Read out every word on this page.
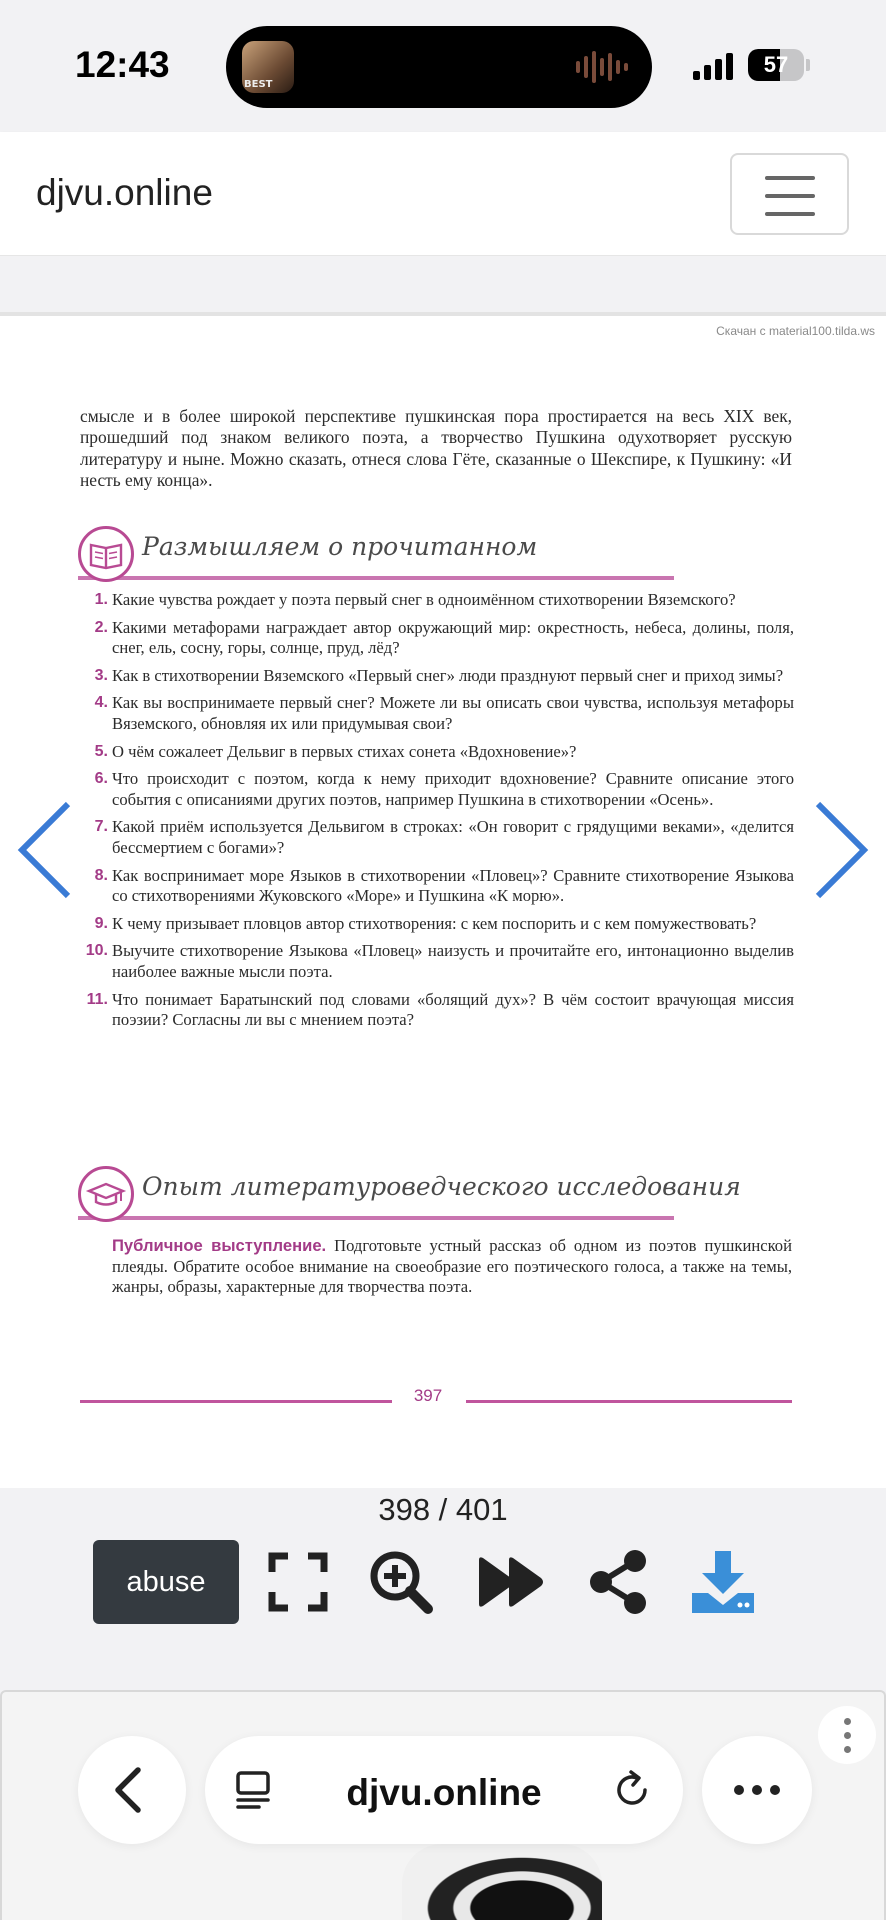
12:43	BEST
57
djvu.online
Скачан с material100.tilda.ws
смысле и в более широкой перспективе пушкинская пора простирается на весь XIX век, прошедший под знаком великого поэта, а творчество Пушкина одухотворяет русскую литературу и ныне. Можно сказать, отнеся слова Гёте, сказанные о Шекспире, к Пушкину: «И несть ему конца».
Размышляем о прочитанном
1. Какие чувства рождает у поэта первый снег в одноимённом стихотворении Вяземского?
2. Какими метафорами награждает автор окружающий мир: окрестность, небеса, долины, поля, снег, ель, сосну, горы, солнце, пруд, лёд?
3. Как в стихотворении Вяземского «Первый снег» люди празднуют первый снег и приход зимы?
4. Как вы воспринимаете первый снег? Можете ли вы описать свои чувства, используя метафоры Вяземского, обновляя их или придумывая свои?
5. О чём сожалеет Дельвиг в первых стихах сонета «Вдохновение»?
6. Что происходит с поэтом, когда к нему приходит вдохновение? Сравните описание этого события с описаниями других поэтов, например Пушкина в стихотворении «Осень».
7. Какой приём используется Дельвигом в строках: «Он говорит с грядущими веками», «делится бессмертием с богами»?
8. Как воспринимает море Языков в стихотворении «Пловец»? Сравните стихотворение Языкова со стихотворениями Жуковского «Море» и Пушкина «К морю».
9. К чему призывает пловцов автор стихотворения: с кем поспорить и с кем помужествовать?
10. Выучите стихотворение Языкова «Пловец» наизусть и прочитайте его, интонационно выделив наиболее важные мысли поэта.
11. Что понимает Баратынский под словами «болящий дух»? В чём состоит врачующая миссия поэзии? Согласны ли вы с мнением поэта?
Опыт литературоведческого исследования
Публичное выступление. Подготовьте устный рассказ об одном из поэтов пушкинской плеяды. Обратите особое внимание на своеобразие его поэтического голоса, а также на темы, жанры, образы, характерные для творчества поэта.
397
398 / 401
abuse
djvu.online
